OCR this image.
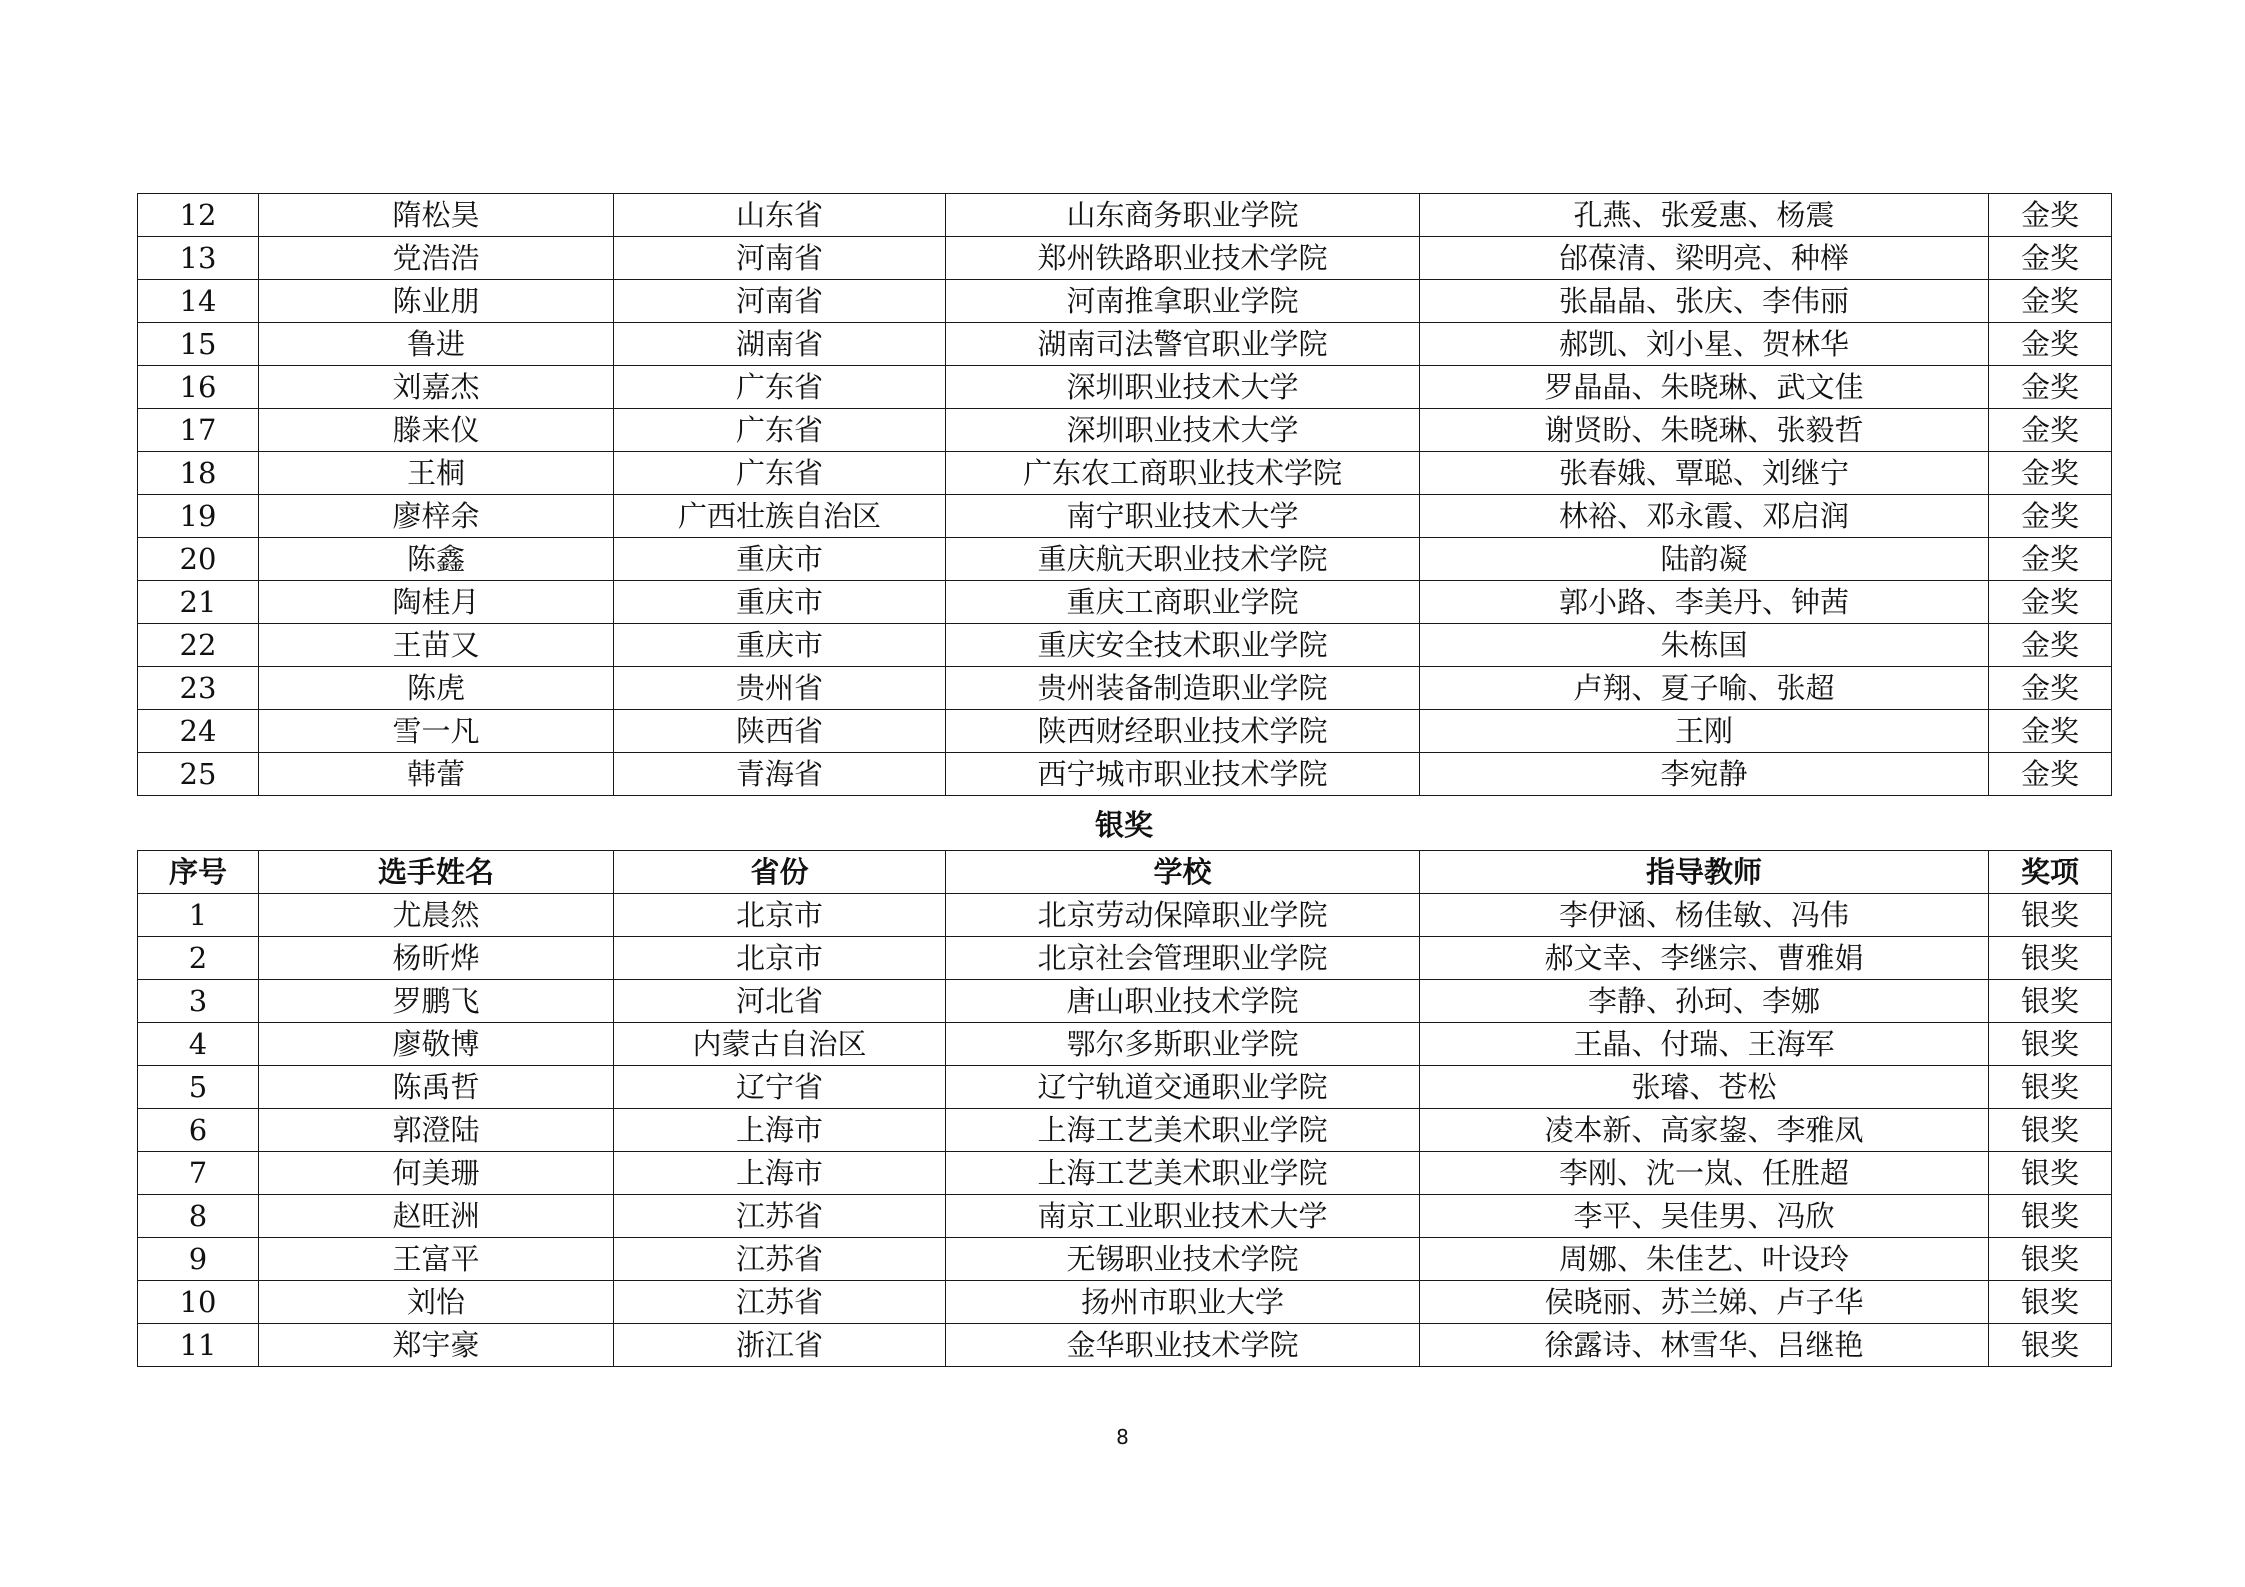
12	隋松昊	山东省	山东商务职业学院	孔燕、张爱惠、杨震	金奖
13	党浩浩	河南省	郑州铁路职业技术学院	邰葆清、梁明亮、种榉	金奖
14	陈业朋	河南省	河南推拿职业学院	张晶晶、张庆、李伟丽	金奖
15	鲁进	湖南省	湖南司法警官职业学院	郝凯、刘小星、贺林华	金奖
16	刘嘉杰	广东省	深圳职业技术大学	罗晶晶、朱晓琳、武文佳	金奖
17	滕来仪	广东省	深圳职业技术大学	谢贤盼、朱晓琳、张毅哲	金奖
18	王桐	广东省	广东农工商职业技术学院	张春娥、覃聪、刘继宁	金奖
19	廖梓余	广西壮族自治区	南宁职业技术大学	林裕、邓永霞、邓启润	金奖
20	陈鑫	重庆市	重庆航天职业技术学院	陆韵凝	金奖
21	陶桂月	重庆市	重庆工商职业学院	郭小路、李美丹、钟茜	金奖
22	王苗又	重庆市	重庆安全技术职业学院	朱栋国	金奖
23	陈虎	贵州省	贵州装备制造职业学院	卢翔、夏子喻、张超	金奖
24	雪一凡	陕西省	陕西财经职业技术学院	王刚	金奖
25	韩蕾	青海省	西宁城市职业技术学院	李宛静	金奖
银奖
序号	选手姓名	省份	学校	指导教师	奖项
1	尤晨然	北京市	北京劳动保障职业学院	李伊涵、杨佳敏、冯伟	银奖
2	杨昕烨	北京市	北京社会管理职业学院	郝文幸、李继宗、曹雅娟	银奖
3	罗鹏飞	河北省	唐山职业技术学院	李静、孙珂、李娜	银奖
4	廖敬博	内蒙古自治区	鄂尔多斯职业学院	王晶、付瑞、王海军	银奖
5	陈禹哲	辽宁省	辽宁轨道交通职业学院	张璿、苍松	银奖
6	郭澄陆	上海市	上海工艺美术职业学院	凌本新、高家鋆、李雅凤	银奖
7	何美珊	上海市	上海工艺美术职业学院	李刚、沈一岚、任胜超	银奖
8	赵旺洲	江苏省	南京工业职业技术大学	李平、吴佳男、冯欣	银奖
9	王富平	江苏省	无锡职业技术学院	周娜、朱佳艺、叶设玲	银奖
10	刘怡	江苏省	扬州市职业大学	侯晓丽、苏兰娣、卢子华	银奖
11	郑宇豪	浙江省	金华职业技术学院	徐露诗、林雪华、吕继艳	银奖
8
